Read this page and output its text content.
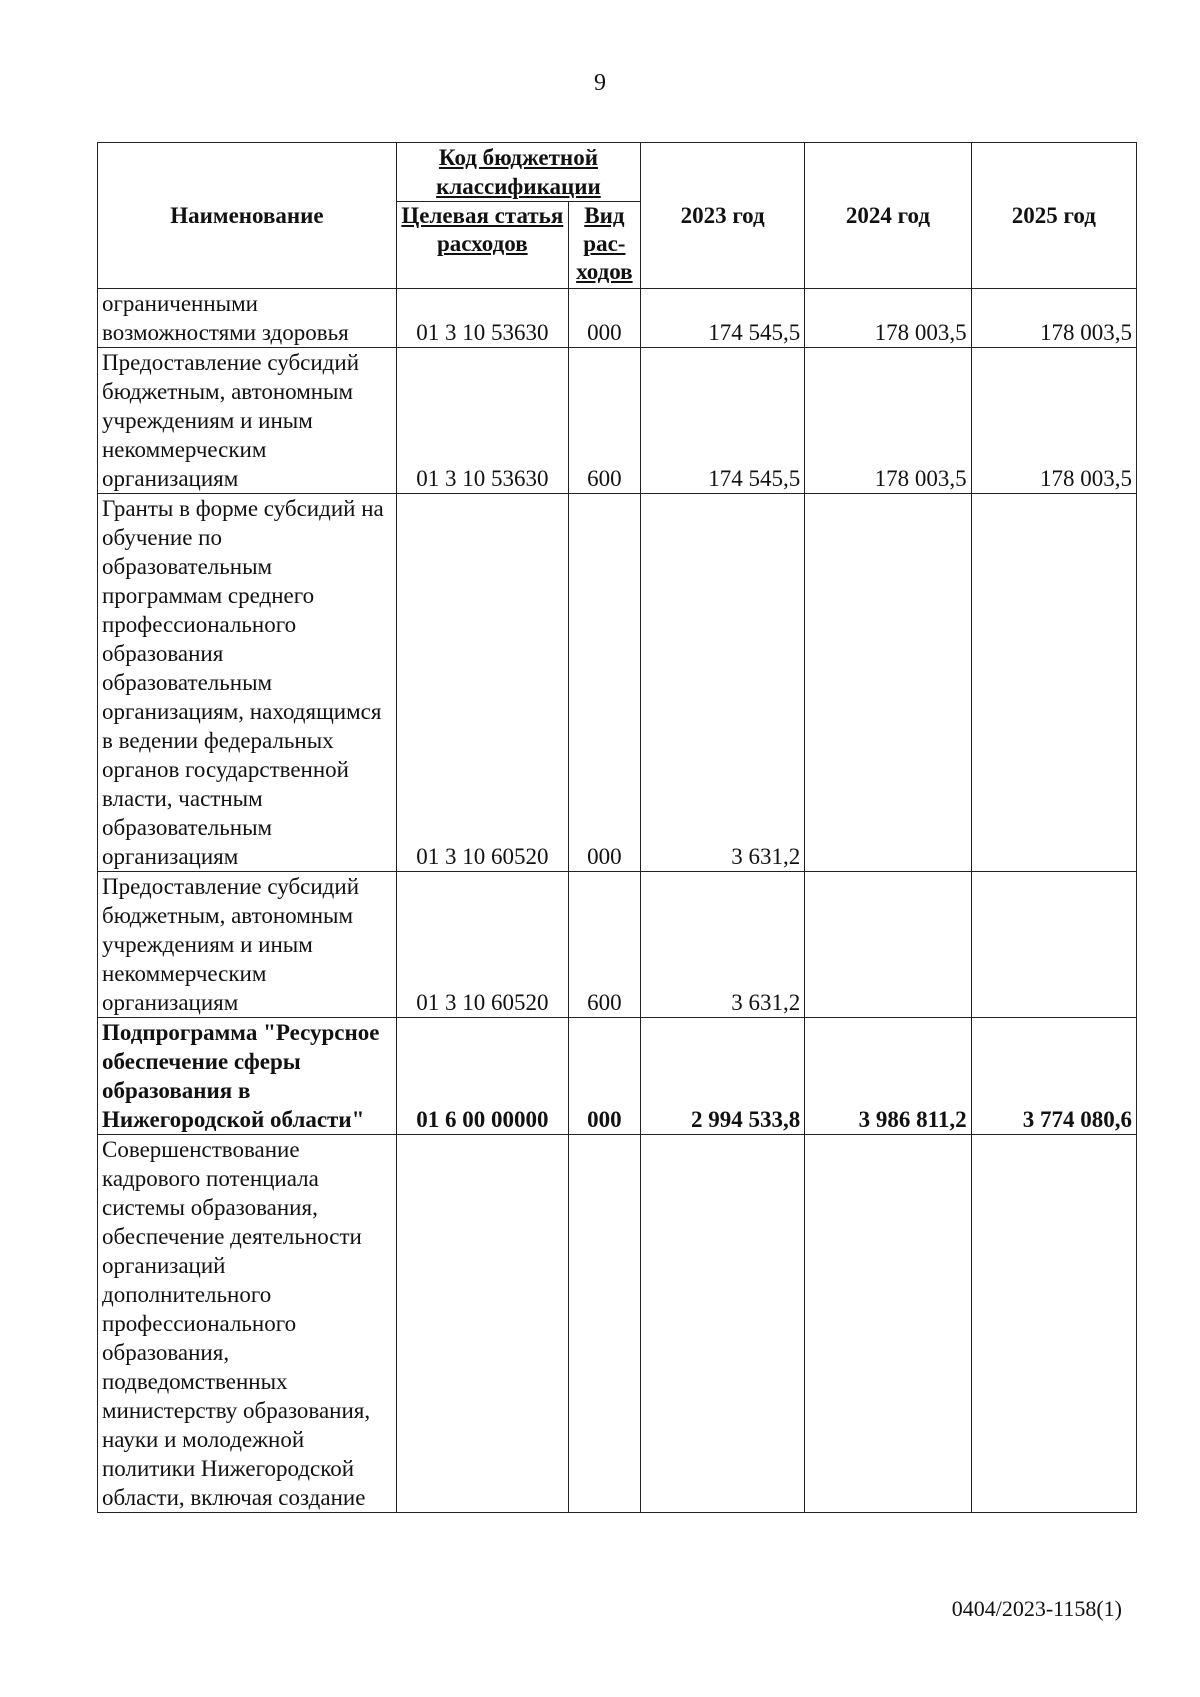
9
Наименование	Код бюджетной классификации		2023 год	2024 год	2025 год
	Целевая статья расходов	Вид рас-ходов			
ограниченными возможностями здоровья	01 3 10 53630	000	174 545,5	178 003,5	178 003,5
Предоставление субсидий бюджетным, автономным учреждениям и иным некоммерческим организациям	01 3 10 53630	600	174 545,5	178 003,5	178 003,5
Гранты в форме субсидий на обучение по образовательным программам среднего профессионального образования образовательным организациям, находящимся в ведении федеральных органов государственной власти, частным образовательным организациям	01 3 10 60520	000	3 631,2		
Предоставление субсидий бюджетным, автономным учреждениям и иным некоммерческим организациям	01 3 10 60520	600	3 631,2		
Подпрограмма "Ресурсное обеспечение сферы образования в Нижегородской области"	01 6 00 00000	000	2 994 533,8	3 986 811,2	3 774 080,6
Совершенствование кадрового потенциала системы образования, обеспечение деятельности организаций дополнительного профессионального образования, подведомственных министерству образования, науки и молодежной политики Нижегородской области, включая создание					
0404/2023-1158(1)
